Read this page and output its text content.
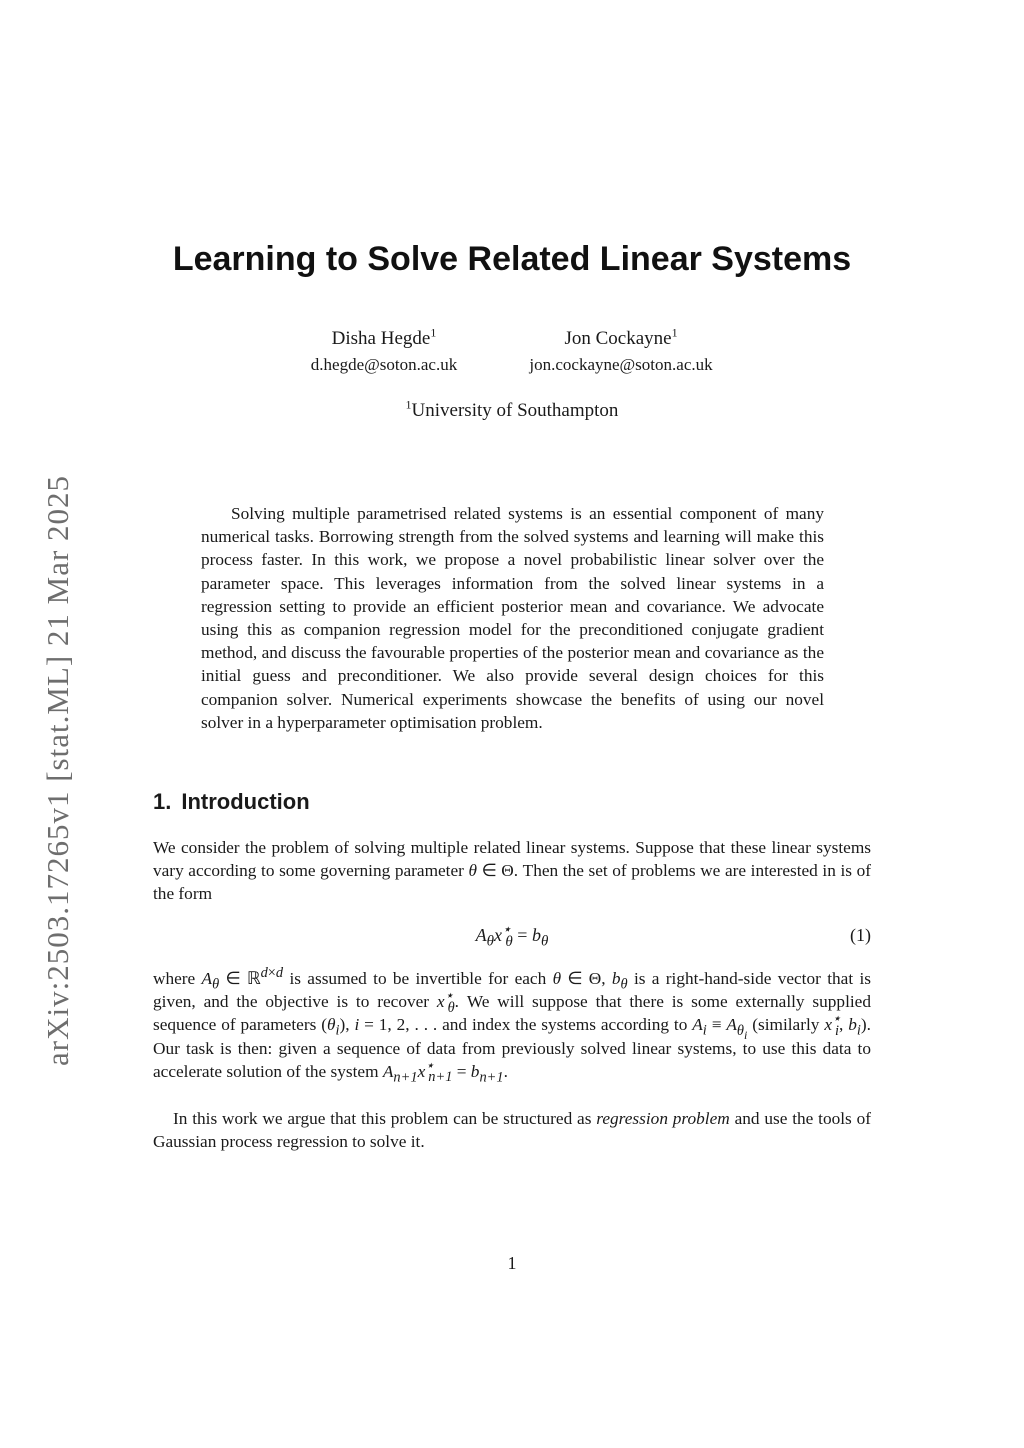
arXiv:2503.17265v1 [stat.ML] 21 Mar 2025
Learning to Solve Related Linear Systems
Disha Hegde$^1$
d.hegde@soton.ac.uk
Jon Cockayne$^1$
jon.cockayne@soton.ac.uk
$^1$University of Southampton

Solving multiple parametrised related systems is an essential component of many numerical tasks. Borrowing strength from the solved systems and learning will make this process faster. In this work, we propose a novel probabilistic linear solver over the parameter space. This leverages information from the solved linear systems in a regression setting to provide an efficient posterior mean and covariance. We advocate using this as companion regression model for the preconditioned conjugate gradient method, and discuss the favourable properties of the posterior mean and covariance as the initial guess and preconditioner. We also provide several design choices for this companion solver. Numerical experiments showcase the benefits of using our novel solver in a hyperparameter optimisation problem.

1. Introduction

We consider the problem of solving multiple related linear systems. Suppose that these linear systems vary according to some governing parameter θ ∈ Θ. Then the set of problems we are interested in is of the form

$A_\theta x^⋆_\theta = b_\theta$	(1)

where $A_\theta$ ∈ ℝ$^{d\times d}$ is assumed to be invertible for each θ ∈ Θ, $b_\theta$ is a right-hand-side vector that is given, and the objective is to recover $x^⋆_\theta$. We will suppose that there is some externally supplied sequence of parameters $(\theta_i)$, i = 1, 2, . . . and index the systems according to $A_i \equiv A_{\theta_i}$ (similarly $x^⋆_i$, $b_i$). Our task is then: given a sequence of data from previously solved linear systems, to use this data to accelerate solution of the system $A_{n+1}x^⋆_{n+1} = b_{n+1}$.

In this work we argue that this problem can be structured as regression problem and use the tools of Gaussian process regression to solve it.

1
